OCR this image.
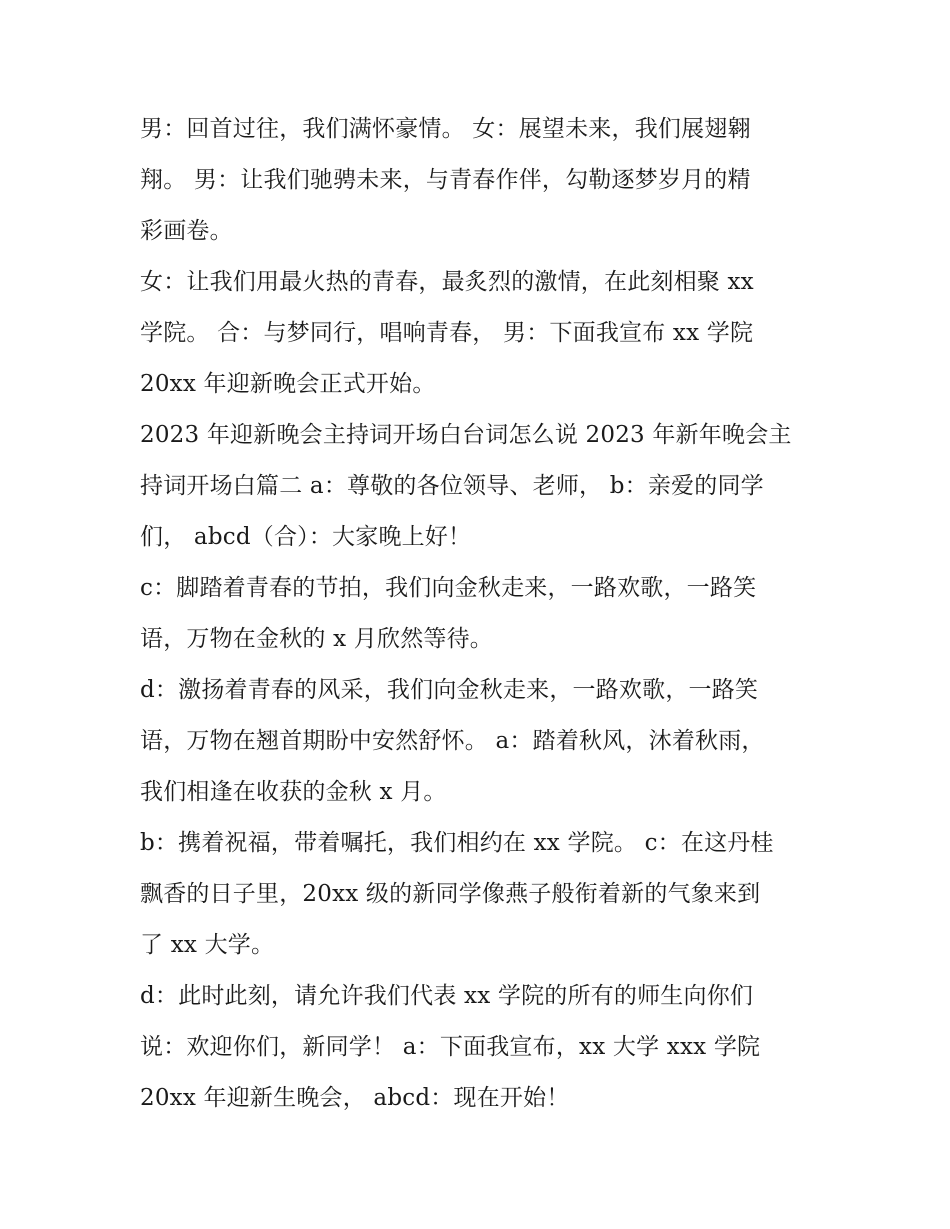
男：回首过往，我们满怀豪情。 女：展望未来，我们展翅翱
翔。 男：让我们驰骋未来，与青春作伴，勾勒逐梦岁月的精
彩画卷。
女：让我们用最火热的青春，最炙烈的激情，在此刻相聚 xx
学院。 合：与梦同行，唱响青春， 男：下面我宣布 xx 学院
20xx 年迎新晚会正式开始。
2023 年迎新晚会主持词开场白台词怎么说 2023 年新年晚会主
持词开场白篇二 a：尊敬的各位领导、老师， b：亲爱的同学
们， abcd（合）：大家晚上好！
c：脚踏着青春的节拍，我们向金秋走来，一路欢歌，一路笑
语，万物在金秋的 x 月欣然等待。
d：激扬着青春的风采，我们向金秋走来，一路欢歌，一路笑
语，万物在翘首期盼中安然舒怀。 a：踏着秋风，沐着秋雨，
我们相逢在收获的金秋 x 月。
b：携着祝福，带着嘱托，我们相约在 xx 学院。 c：在这丹桂
飘香的日子里，20xx 级的新同学像燕子般衔着新的气象来到
了 xx 大学。
d：此时此刻，请允许我们代表 xx 学院的所有的师生向你们
说：欢迎你们，新同学！ a：下面我宣布，xx 大学 xxx 学院
20xx 年迎新生晚会， abcd：现在开始！
